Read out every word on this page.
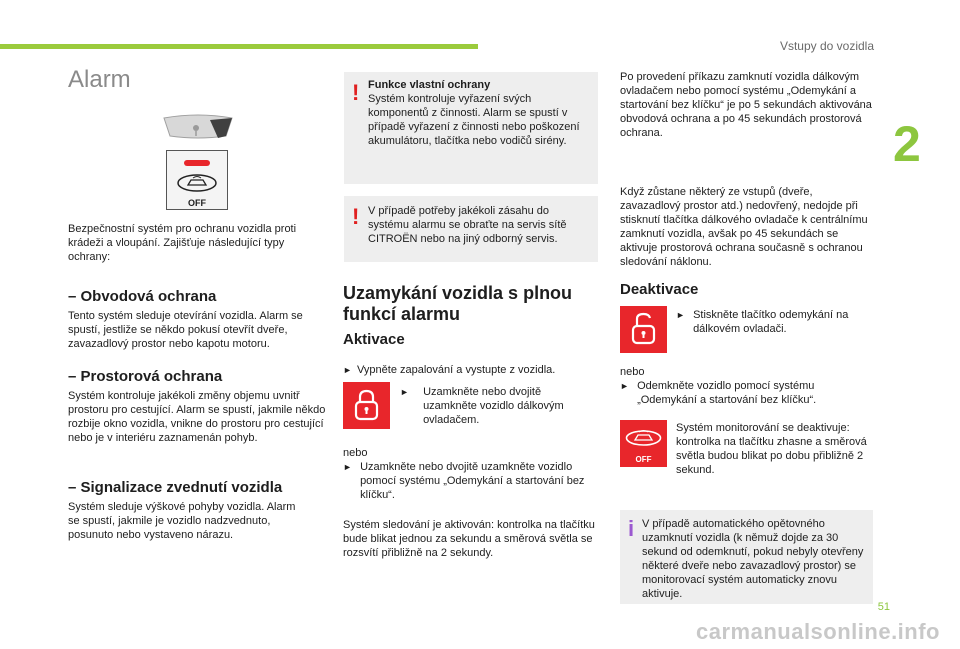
Vstupy do vozidla
2
Alarm
OFF

Bezpečnostní systém pro ochranu vozidla proti krádeži a vloupání. Zajišťuje následující typy ochrany:

– Obvodová ochrana

Tento systém sleduje otevírání vozidla. Alarm se spustí, jestliže se někdo pokusí otevřít dveře, zavazadlový prostor nebo kapotu motoru.

– Prostorová ochrana

Systém kontroluje jakékoli změny objemu uvnitř prostoru pro cestující. Alarm se spustí, jakmile někdo rozbije okno vozidla, vnikne do prostoru pro cestující nebo je v interiéru zaznamenán pohyb.

– Signalizace zvednutí vozidla

Systém sleduje výškové pohyby vozidla. Alarm se spustí, jakmile je vozidlo nadzvednuto, posunuto nebo vystaveno nárazu.

! Funkce vlastní ochrany

Systém kontroluje vyřazení svých komponentů z činnosti. Alarm se spustí v případě vyřazení z činnosti nebo poškození akumulátoru, tlačítka nebo vodičů sirény.

! V případě potřeby jakékoli zásahu do systému alarmu se obraťte na servis sítě CITROËN nebo na jiný odborný servis.

Uzamykání vozidla s plnou funkcí alarmu

Aktivace

► Vypněte zapalování a vystupte z vozidla.

► Uzamkněte nebo dvojitě uzamkněte vozidlo dálkovým ovladačem.

nebo

► Uzamkněte nebo dvojitě uzamkněte vozidlo pomocí systému „Odemykání a startování bez klíčku“.

Systém sledování je aktivován: kontrolka na tlačítku bude blikat jednou za sekundu a směrová světla se rozsvítí přibližně na 2 sekundy.

Po provedení příkazu zamknutí vozidla dálkovým ovladačem nebo pomocí systému „Odemykání a startování bez klíčku“ je po 5 sekundách aktivována obvodová ochrana a po 45 sekundách prostorová ochrana.

Když zůstane některý ze vstupů (dveře, zavazadlový prostor atd.) nedovřený, nedojde při stisknutí tlačítka dálkového ovladače k centrálnímu zamknutí vozidla, avšak po 45 sekundách se aktivuje prostorová ochrana současně s ochranou sledování náklonu.

Deaktivace

► Stiskněte tlačítko odemykání na dálkovém ovladači.

nebo

► Odemkněte vozidlo pomocí systému „Odemykání a startování bez klíčku“.

OFF

Systém monitorování se deaktivuje: kontrolka na tlačítku zhasne a směrová světla budou blikat po dobu přibližně 2 sekund.

i V případě automatického opětovného uzamknutí vozidla (k němuž dojde za 30 sekund od odemknutí, pokud nebyly otevřeny některé dveře nebo zavazadlový prostor) se monitorovací systém automaticky znovu aktivuje.

51
carmanualsonline.info
